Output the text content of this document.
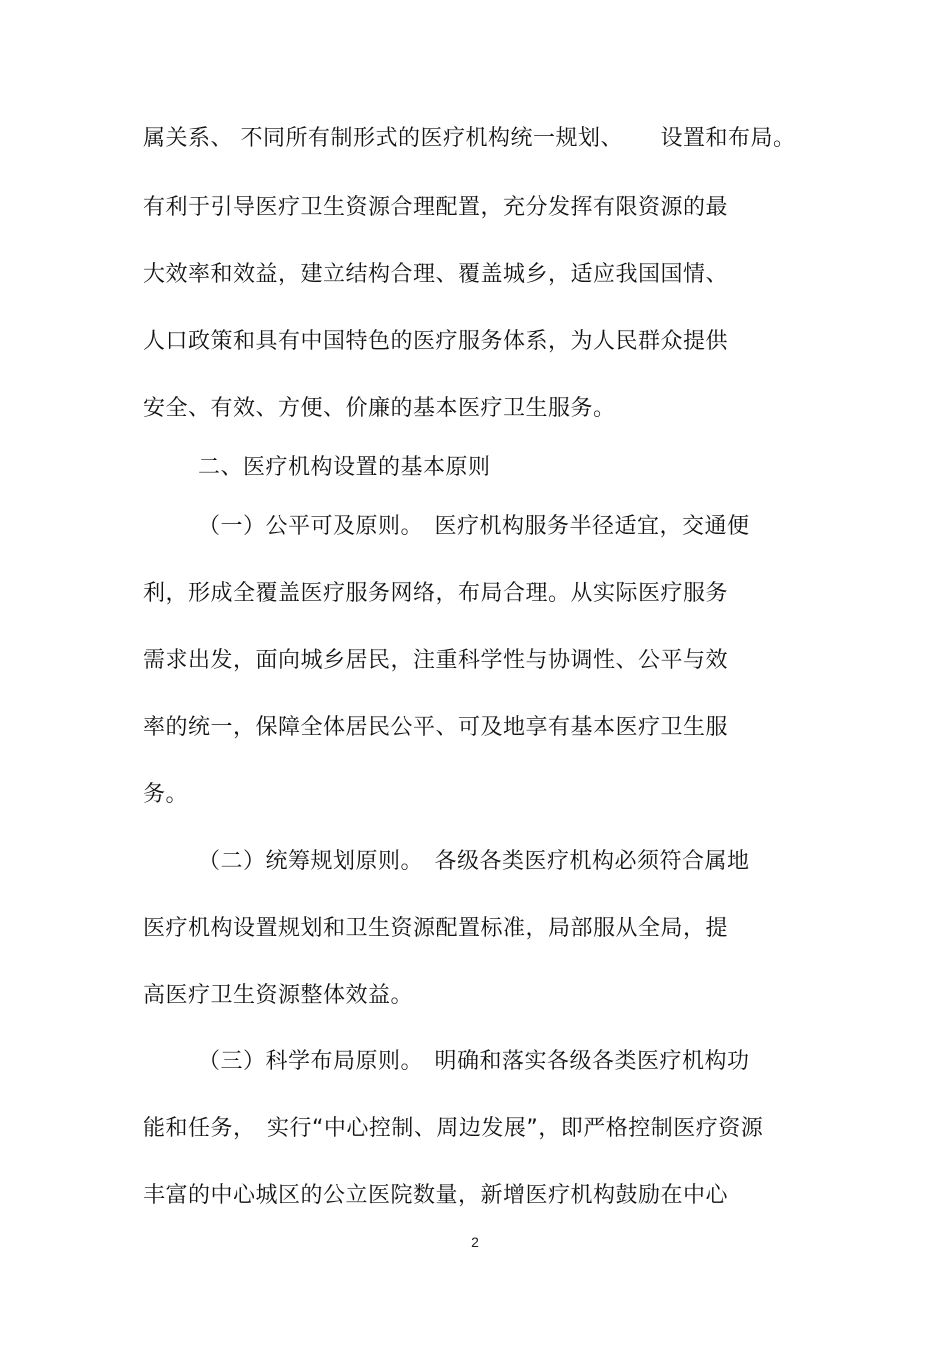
属关系、 不同所有制形式的医疗机构统一规划、 　 设置和布局。
有利于引导医疗卫生资源合理配置，充分发挥有限资源的最
大效率和效益，建立结构合理、覆盖城乡，适应我国国情、
人口政策和具有中国特色的医疗服务体系，为人民群众提供
安全、有效、方便、价廉的基本医疗卫生服务。
二、医疗机构设置的基本原则
（一）公平可及原则。　医疗机构服务半径适宜，交通便
利，形成全覆盖医疗服务网络，布局合理。从实际医疗服务
需求出发，面向城乡居民，注重科学性与协调性、公平与效
率的统一，保障全体居民公平、可及地享有基本医疗卫生服
务。
（二）统筹规划原则。　各级各类医疗机构必须符合属地
医疗机构设置规划和卫生资源配置标准，局部服从全局，提
高医疗卫生资源整体效益。
（三）科学布局原则。　明确和落实各级各类医疗机构功
能和任务，　实行“中心控制、周边发展”，即严格控制医疗资源
丰富的中心城区的公立医院数量，新增医疗机构鼓励在中心
2
